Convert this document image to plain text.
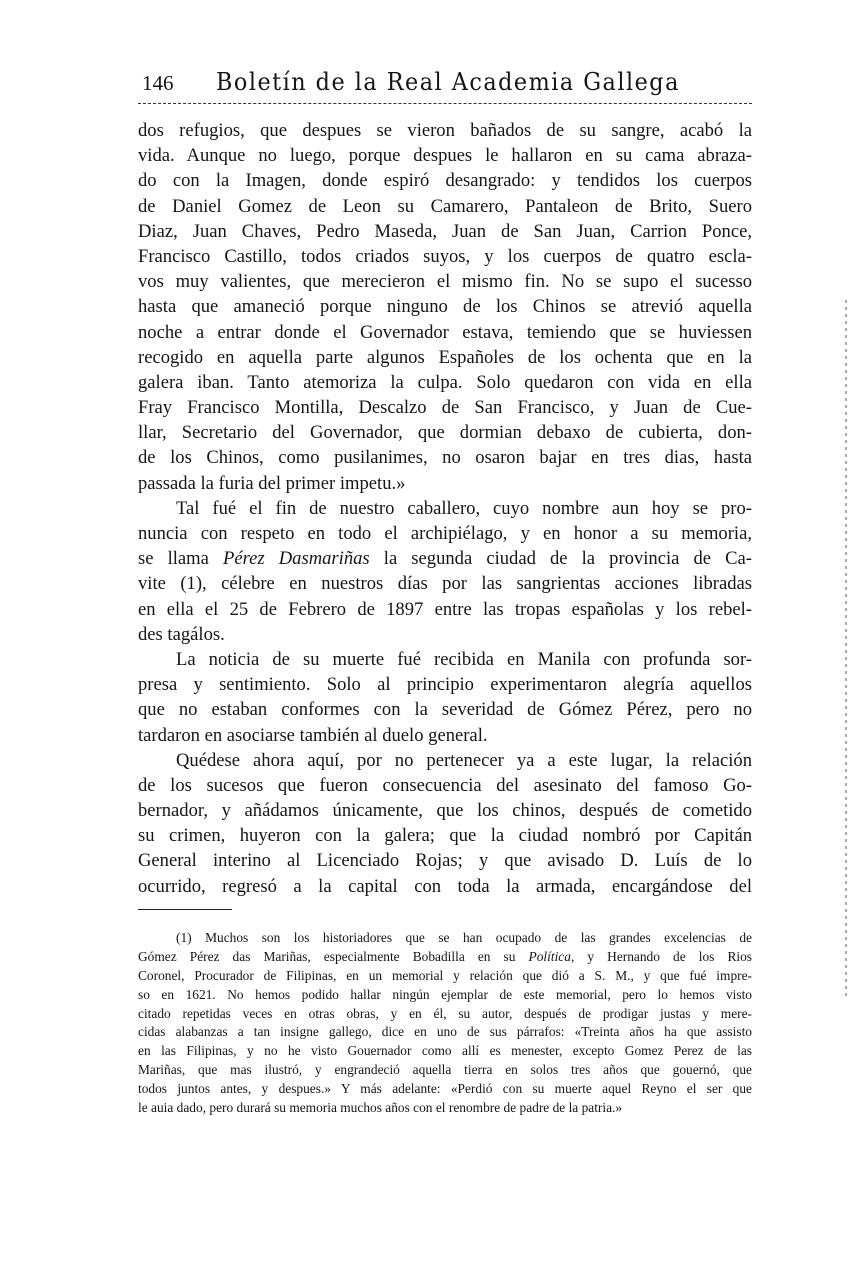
146 Boletín de la Real Academia Gallega
dos refugios, que despues se vieron bañados de su sangre, acabó la
vida. Aunque no luego, porque despues le hallaron en su cama abraza-
do con la Imagen, donde espiró desangrado: y tendidos los cuerpos
de Daniel Gomez de Leon su Camarero, Pantaleon de Brito, Suero
Diaz, Juan Chaves, Pedro Maseda, Juan de San Juan, Carrion Ponce,
Francisco Castillo, todos criados suyos, y los cuerpos de quatro escla-
vos muy valientes, que merecieron el mismo fin. No se supo el sucesso
hasta que amaneció porque ninguno de los Chinos se atrevió aquella
noche a entrar donde el Governador estava, temiendo que se huviessen
recogido en aquella parte algunos Españoles de los ochenta que en la
galera iban. Tanto atemoriza la culpa. Solo quedaron con vida en ella
Fray Francisco Montilla, Descalzo de San Francisco, y Juan de Cue-
llar, Secretario del Governador, que dormian debaxo de cubierta, don-
de los Chinos, como pusilanimes, no osaron bajar en tres dias, hasta
passada la furia del primer impetu.»
Tal fué el fin de nuestro caballero, cuyo nombre aun hoy se pro-
nuncia con respeto en todo el archipiélago, y en honor a su memoria,
se llama Pérez Dasmariñas la segunda ciudad de la provincia de Ca-
vite (1), célebre en nuestros días por las sangrientas acciones libradas
en ella el 25 de Febrero de 1897 entre las tropas españolas y los rebel-
des tagálos.
La noticia de su muerte fué recibida en Manila con profunda sor-
presa y sentimiento. Solo al principio experimentaron alegría aquellos
que no estaban conformes con la severidad de Gómez Pérez, pero no
tardaron en asociarse también al duelo general.
Quédese ahora aquí, por no pertenecer ya a este lugar, la relación
de los sucesos que fueron consecuencia del asesinato del famoso Go-
bernador, y añádamos únicamente, que los chinos, después de cometido
su crimen, huyeron con la galera; que la ciudad nombró por Capitán
General interino al Licenciado Rojas; y que avisado D. Luís de lo
ocurrido, regresó a la capital con toda la armada, encargándose del
(1) Muchos son los historiadores que se han ocupado de las grandes excelencias de
Gómez Pérez das Mariñas, especialmente Bobadilla en su Política, y Hernando de los Rios
Coronel, Procurador de Filipinas, en un memorial y relación que dió a S. M., y que fué impre-
so en 1621. No hemos podido hallar ningún ejemplar de este memorial, pero lo hemos visto
citado repetidas veces en otras obras, y en él, su autor, después de prodigar justas y mere-
cidas alabanzas a tan insigne gallego, dice en uno de sus párrafos: «Treinta años ha que assisto
en las Filipinas, y no he visto Gouernador como allí es menester, excepto Gomez Perez de las
Mariñas, que mas ilustró, y engrandeció aquella tierra en solos tres años que gouernó, que
todos juntos antes, y despues.» Y más adelante: «Perdió con su muerte aquel Reyno el ser que
le auia dado, pero durará su memoria muchos años con el renombre de padre de la patria.»
